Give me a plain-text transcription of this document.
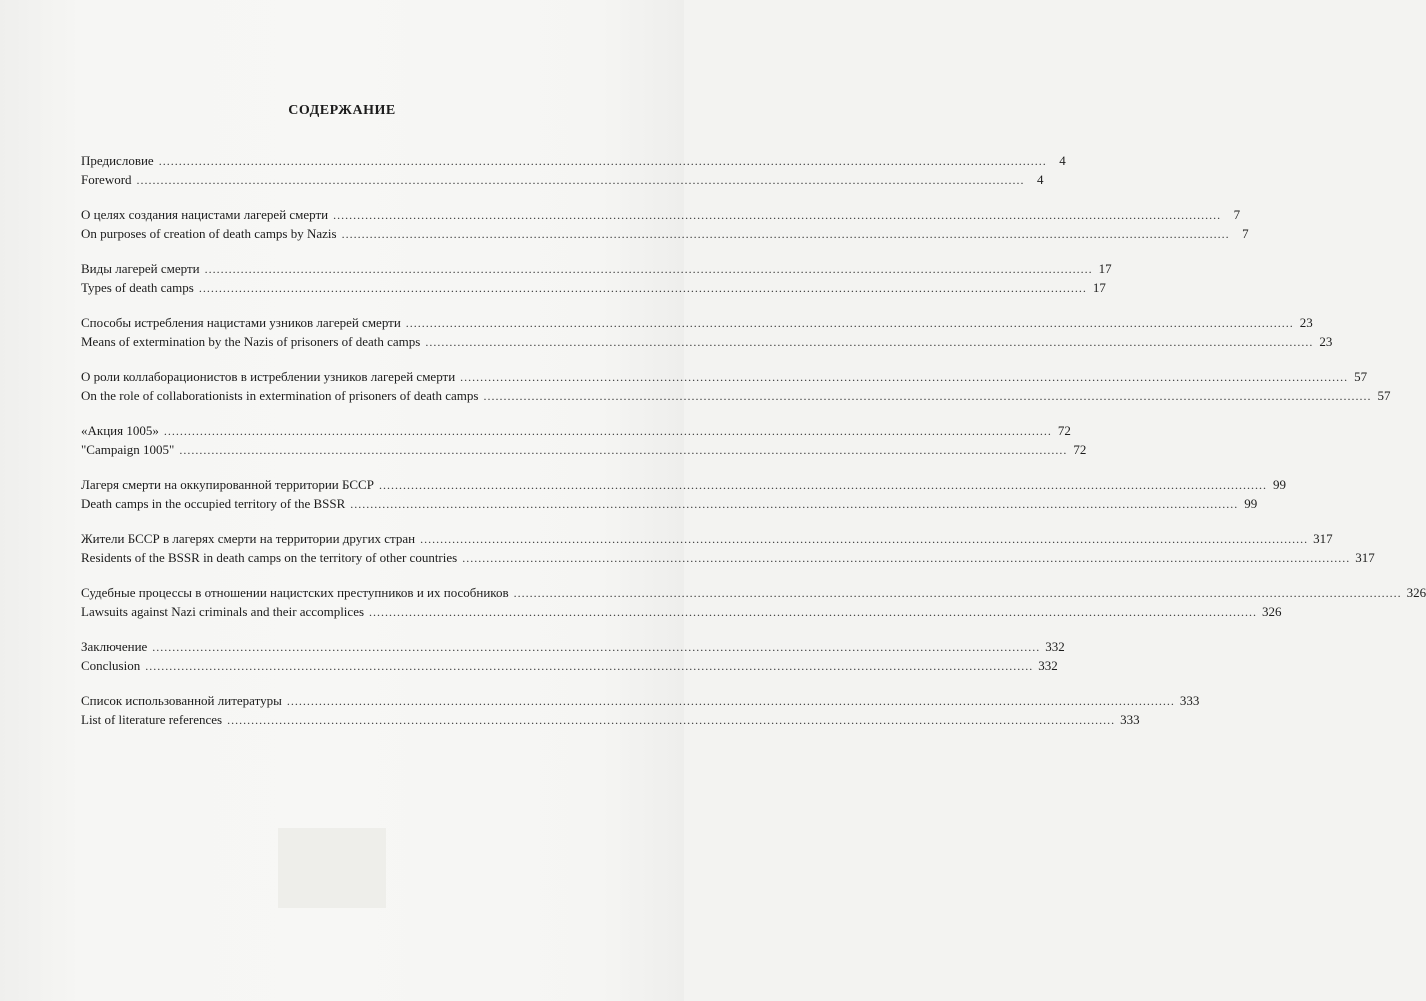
СОДЕРЖАНИЕ
Предисловие .....	4
Foreword .....	4
О целях создания нацистами лагерей смерти .....	7
On purposes of creation of death camps by Nazis .....	7
Виды лагерей смерти .....	17
Types of death camps .....	17
Способы истребления нацистами узников лагерей смерти .....	23
Means of extermination by the Nazis of prisoners of death camps .....	23
О роли коллаборационистов в истреблении узников лагерей смерти .....	57
On the role of collaborationists in extermination of prisoners of death camps .....	57
«Акция 1005» .....	72
"Campaign 1005" .....	72
Лагеря смерти на оккупированной территории БССР .....	99
Death camps in the occupied territory of the BSSR .....	99
Жители БССР в лагерях смерти на территории других стран .....	317
Residents of the BSSR in death camps on the territory of other countries .....	317
Судебные процессы в отношении нацистских преступников и их пособников .....	326
Lawsuits against Nazi criminals and their accomplices .....	326
Заключение .....	332
Conclusion .....	332
Список использованной литературы .....	333
List of literature references .....	333
